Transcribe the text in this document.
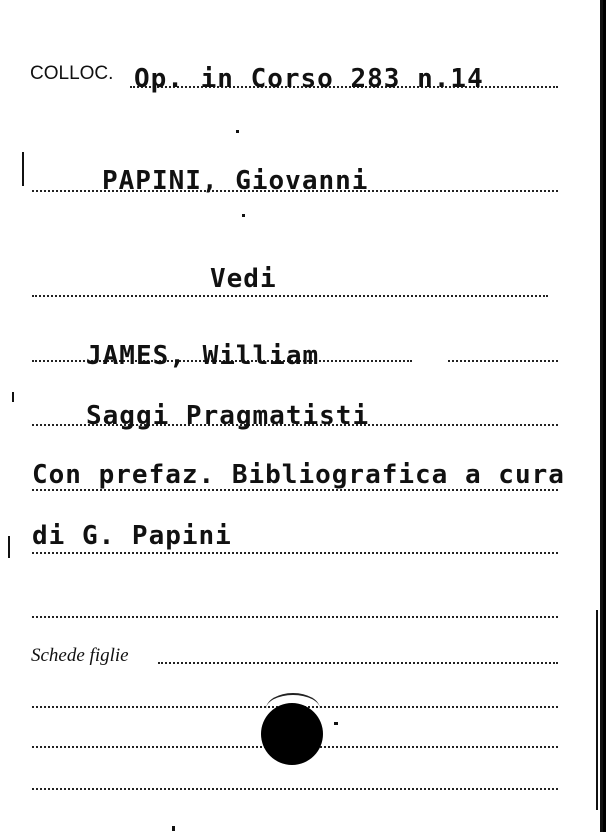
COLLOC. Op. in Corso 283 n.14
PAPINI, Giovanni
Vedi
JAMES, William
Saggi Pragmatisti
Con prefaz. Bibliografica a cura
di G. Papini
Schede figlie
